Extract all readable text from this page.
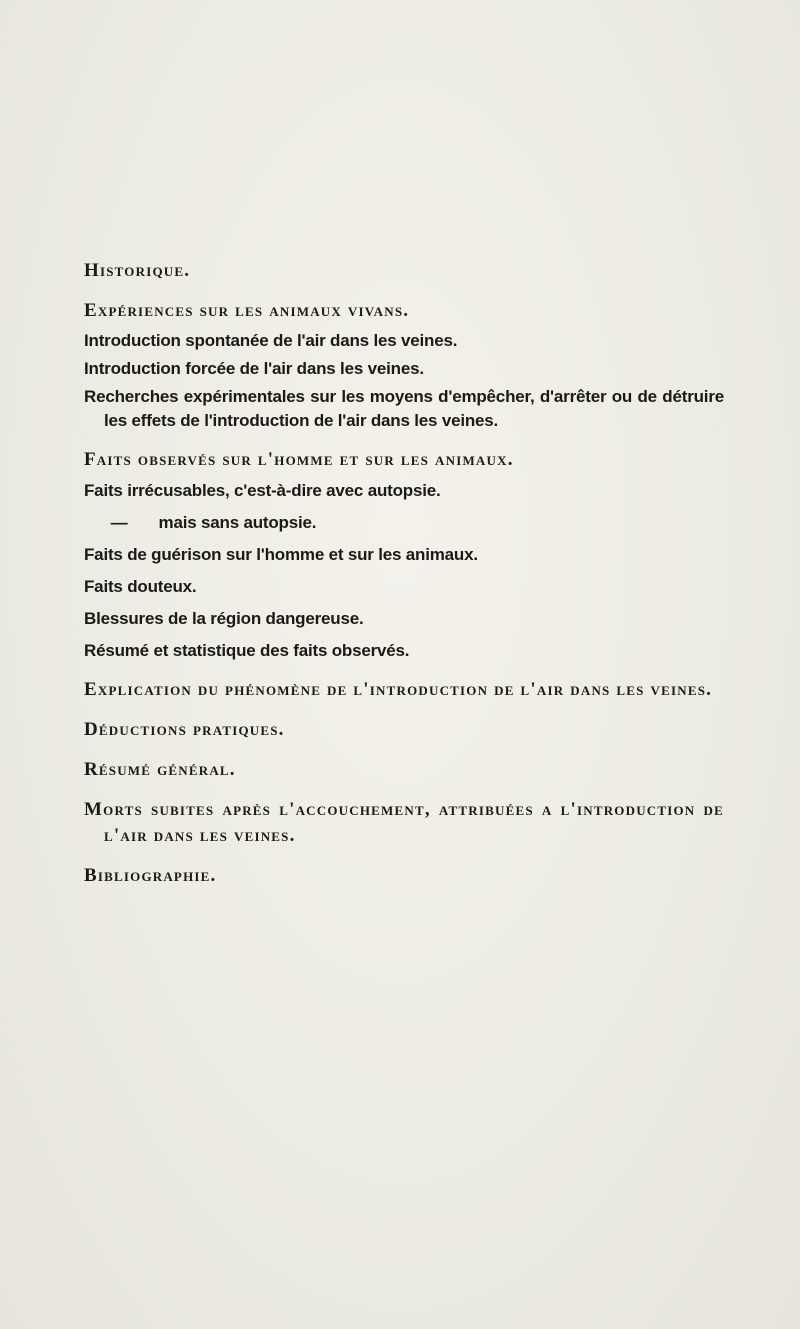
Historique.
Expériences sur les animaux vivans.
Introduction spontanée de l'air dans les veines.
Introduction forcée de l'air dans les veines.
Recherches expérimentales sur les moyens d'empêcher, d'arrêter ou de détruire les effets de l'introduction de l'air dans les veines.
Faits observés sur l'homme et sur les animaux.
Faits irrécusables, c'est-à-dire avec autopsie.
— mais sans autopsie.
Faits de guérison sur l'homme et sur les animaux.
Faits douteux.
Blessures de la région dangereuse.
Résumé et statistique des faits observés.
Explication du phénomène de l'introduction de l'air dans les veines.
Déductions pratiques.
Résumé général.
Morts subites après l'accouchement, attribuées a l'introduction de l'air dans les veines.
Bibliographie.
